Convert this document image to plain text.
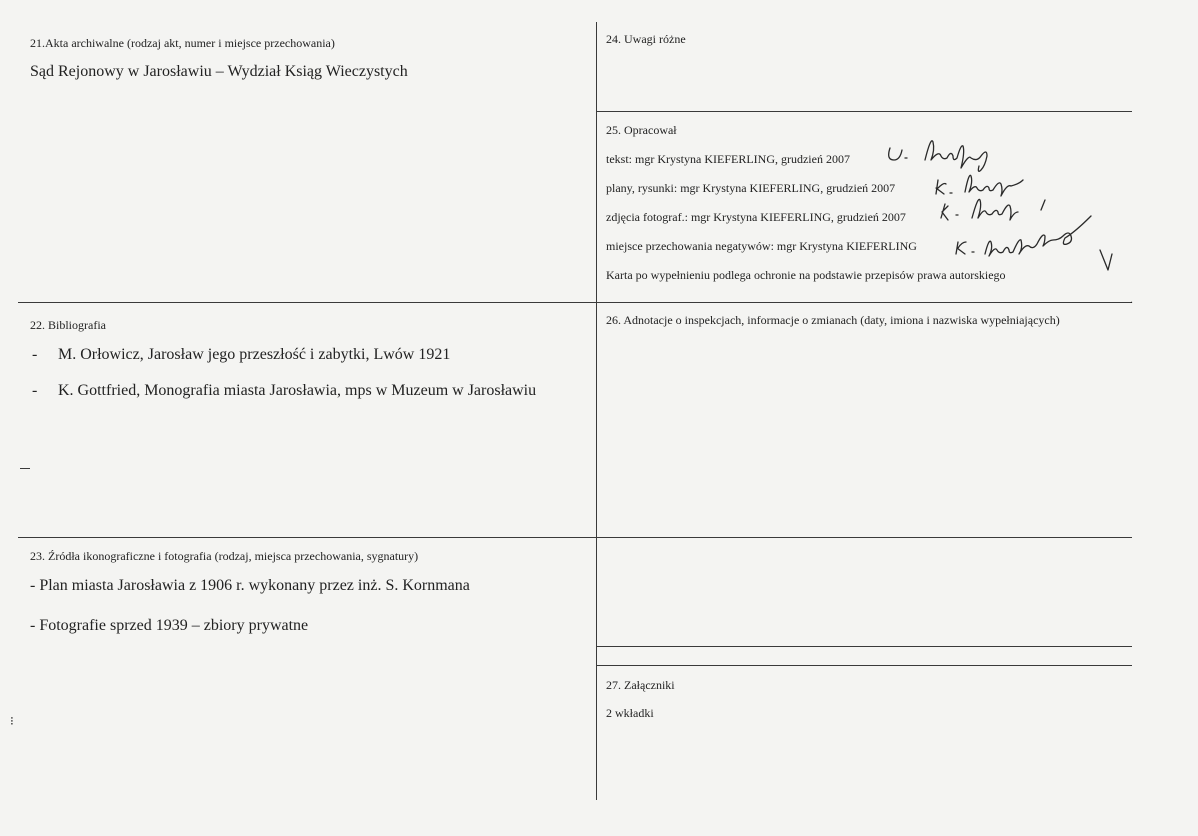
21.Akta archiwalne (rodzaj akt, numer i miejsce przechowania)
Sąd Rejonowy w Jarosławiu – Wydział Ksiąg Wieczystych
24. Uwagi różne
25. Opracował
tekst: mgr Krystyna KIEFERLING, grudzień 2007
plany, rysunki: mgr Krystyna KIEFERLING, grudzień 2007
zdjęcia fotograf.: mgr Krystyna KIEFERLING, grudzień 2007
miejsce przechowania negatywów: mgr Krystyna KIEFERLING
Karta po wypełnieniu podlega ochronie na podstawie przepisów prawa autorskiego
.
22. Bibliografia
- M. Orłowicz, Jarosław jego przeszłość i zabytki, Lwów 1921
- K. Gottfried, Monografia miasta Jarosławia, mps w Muzeum w Jarosławiu
26. Adnotacje o inspekcjach, informacje o zmianach (daty, imiona i nazwiska wypełniających)
23. Źródła ikonograficzne i fotografia (rodzaj, miejsca przechowania, sygnatury)
- Plan miasta Jarosławia z 1906 r. wykonany przez inż. S. Kornmana
- Fotografie sprzed 1939 – zbiory prywatne
27. Załączniki
2 wkładki
⁝
